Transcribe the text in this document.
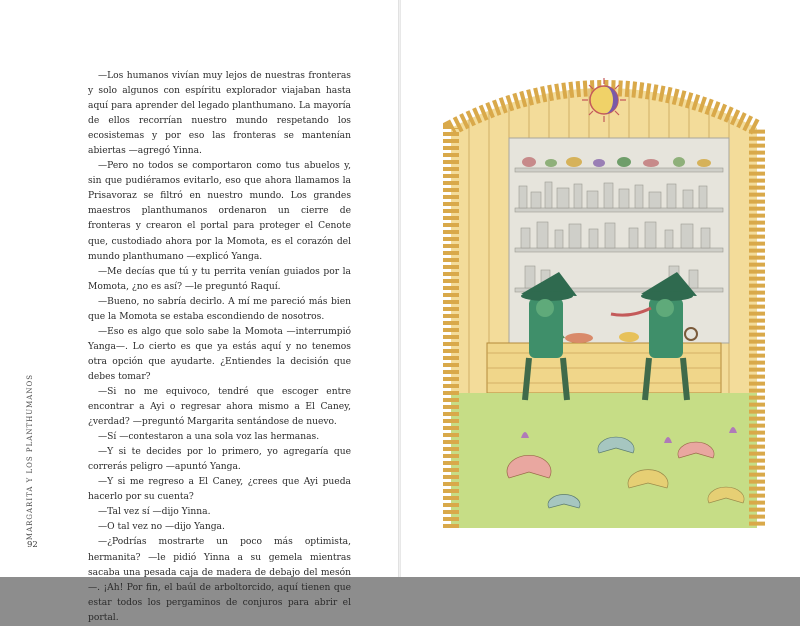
—Los humanos vivían muy lejos de nuestras fronteras y solo algunos con espíritu explorador viajaban hasta aquí para aprender del legado planthumano. La mayoría de ellos recorrían nuestro mundo respetando los ecosistemas y por eso las fronteras se mantenían abiertas —agregó Yinna.

—Pero no todos se comportaron como tus abuelos y, sin que pudiéramos evitarlo, eso que ahora llamamos la Prisavoraz se filtró en nuestro mundo. Los grandes maestros planthumanos ordenaron un cierre de fronteras y crearon el portal para proteger el Cenote que, custodiado ahora por la Momota, es el corazón del mundo planthumano —explicó Yanga.

—Me decías que tú y tu perrita venían guiados por la Momota, ¿no es así? —le preguntó Raquí.

—Bueno, no sabría decirlo. A mí me pareció más bien que la Momota se estaba escondiendo de nosotros.

—Eso es algo que solo sabe la Momota —interrumpió Yanga—. Lo cierto es que ya estás aquí y no tenemos otra opción que ayudarte. ¿Entiendes la decisión que debes tomar?

—Si no me equivoco, tendré que escoger entre encontrar a Ayi o regresar ahora mismo a El Caney, ¿verdad? —preguntó Margarita sentándose de nuevo.

—Sí —contestaron a una sola voz las hermanas.

—Y si te decides por lo primero, yo agregaría que correrás peligro —apuntó Yanga.

—Y si me regreso a El Caney, ¿crees que Ayi pueda hacerlo por su cuenta?

—Tal vez sí —dijo Yinna.

—O tal vez no —dijo Yanga.

—¿Podrías mostrarte un poco más optimista, hermanita? —le pidió Yinna a su gemela mientras sacaba una pesada caja de madera de debajo del mesón—. ¡Ah! Por fin, el baúl de arboltorcido, aquí tienen que estar todos los pergaminos de conjuros para abrir el portal.

MARGARITA Y LOS PLANTHUMANOS
92
